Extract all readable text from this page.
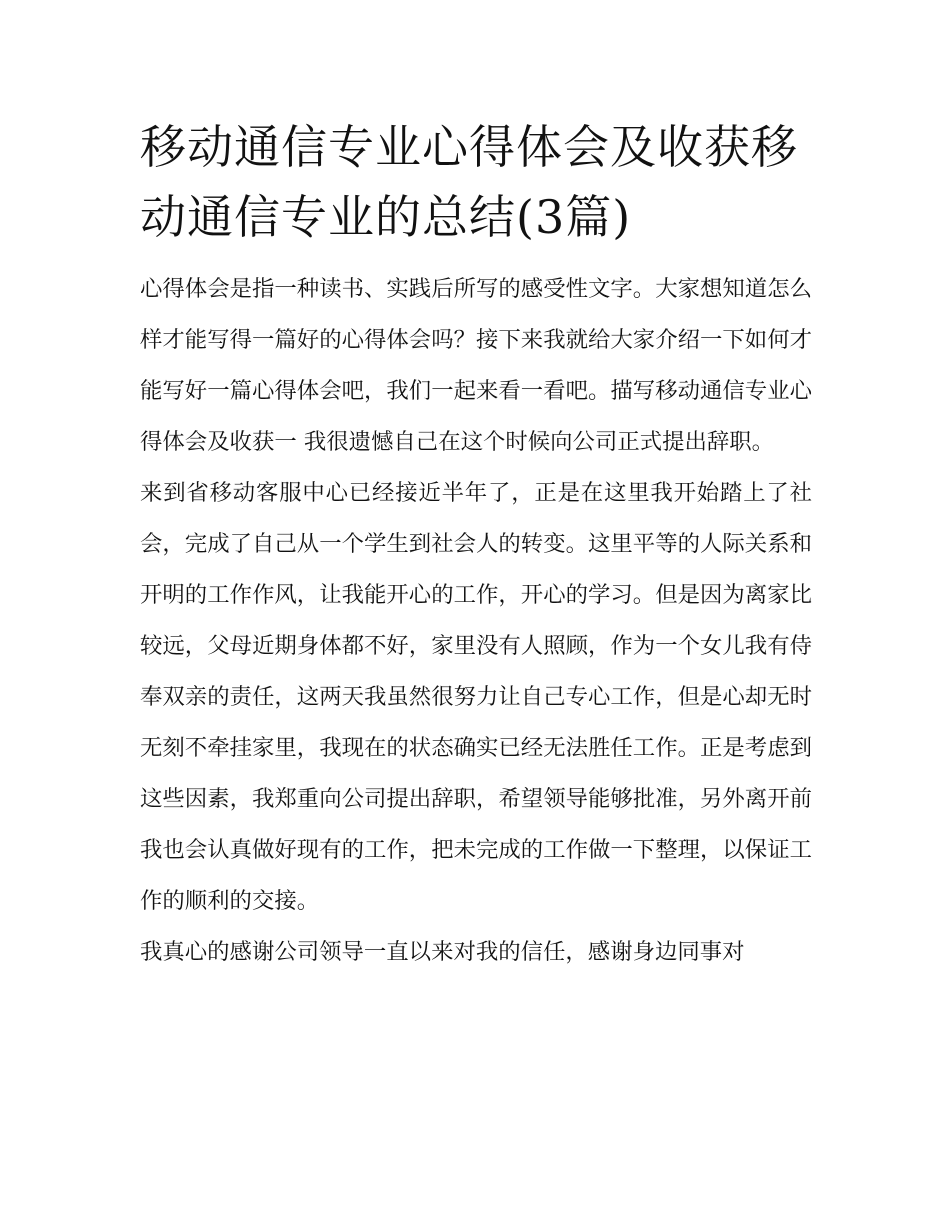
移动通信专业心得体会及收获移动通信专业的总结(3篇)

心得体会是指一种读书、实践后所写的感受性文字。大家想知道怎么样才能写得一篇好的心得体会吗？接下来我就给大家介绍一下如何才能写好一篇心得体会吧，我们一起来看一看吧。描写移动通信专业心得体会及收获一 我很遗憾自己在这个时候向公司正式提出辞职。

来到省移动客服中心已经接近半年了，正是在这里我开始踏上了社会，完成了自己从一个学生到社会人的转变。这里平等的人际关系和开明的工作作风，让我能开心的工作，开心的学习。但是因为离家比较远，父母近期身体都不好，家里没有人照顾，作为一个女儿我有侍奉双亲的责任，这两天我虽然很努力让自己专心工作，但是心却无时无刻不牵挂家里，我现在的状态确实已经无法胜任工作。正是考虑到这些因素，我郑重向公司提出辞职，希望领导能够批准，另外离开前我也会认真做好现有的工作，把未完成的工作做一下整理，以保证工作的顺利的交接。

我真心的感谢公司领导一直以来对我的信任，感谢身边同事对
